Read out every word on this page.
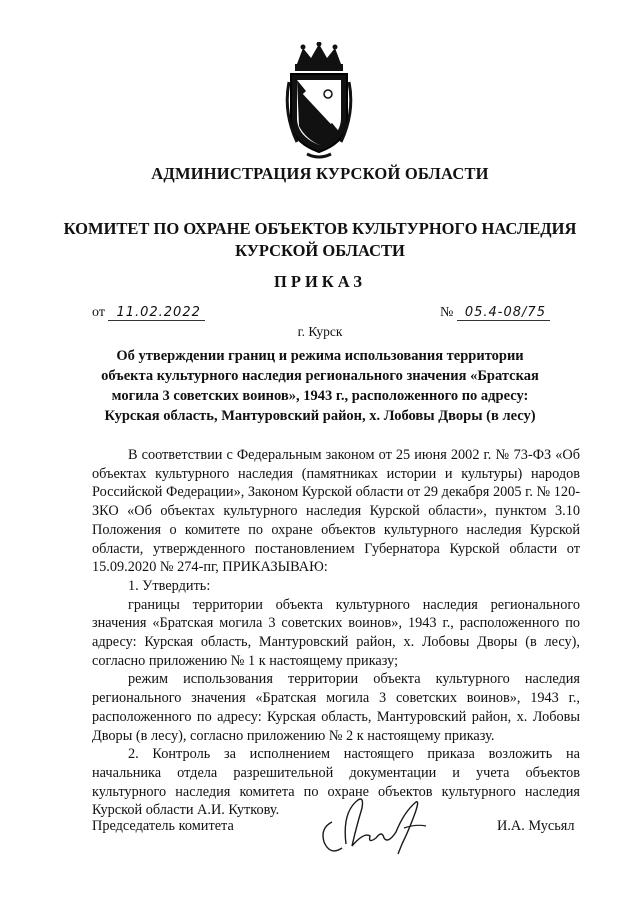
АДМИНИСТРАЦИЯ КУРСКОЙ ОБЛАСТИ
КОМИТЕТ ПО ОХРАНЕ ОБЪЕКТОВ КУЛЬТУРНОГО НАСЛЕДИЯ
КУРСКОЙ ОБЛАСТИ
ПРИКАЗ
от 11.02.2022	№ 05.4-08/75
г. Курск
Об утверждении границ и режима использования территории
объекта культурного наследия регионального значения «Братская
могила 3 советских воинов», 1943 г., расположенного по адресу:
Курская область, Мантуровский район, х. Лобовы Дворы (в лесу)

В соответствии с Федеральным законом от 25 июня 2002 г. № 73-ФЗ «Об объектах культурного наследия (памятниках истории и культуры) народов Российской Федерации», Законом Курской области от 29 декабря 2005 г. № 120-ЗКО «Об объектах культурного наследия Курской области», пунктом 3.10 Положения о комитете по охране объектов культурного наследия Курской области, утвержденного постановлением Губернатора Курской области от 15.09.2020 № 274-пг, ПРИКАЗЫВАЮ:

1. Утвердить:

границы территории объекта культурного наследия регионального значения «Братская могила 3 советских воинов», 1943 г., расположенного по адресу: Курская область, Мантуровский район, х. Лобовы Дворы (в лесу), согласно приложению № 1 к настоящему приказу;

режим использования территории объекта культурного наследия регионального значения «Братская могила 3 советских воинов», 1943 г., расположенного по адресу: Курская область, Мантуровский район, х. Лобовы Дворы (в лесу), согласно приложению № 2 к настоящему приказу.

2. Контроль за исполнением настоящего приказа возложить на начальника отдела разрешительной документации и учета объектов культурного наследия комитета по охране объектов культурного наследия Курской области А.И. Куткову.

Председатель комитета	И.А. Мусьял
